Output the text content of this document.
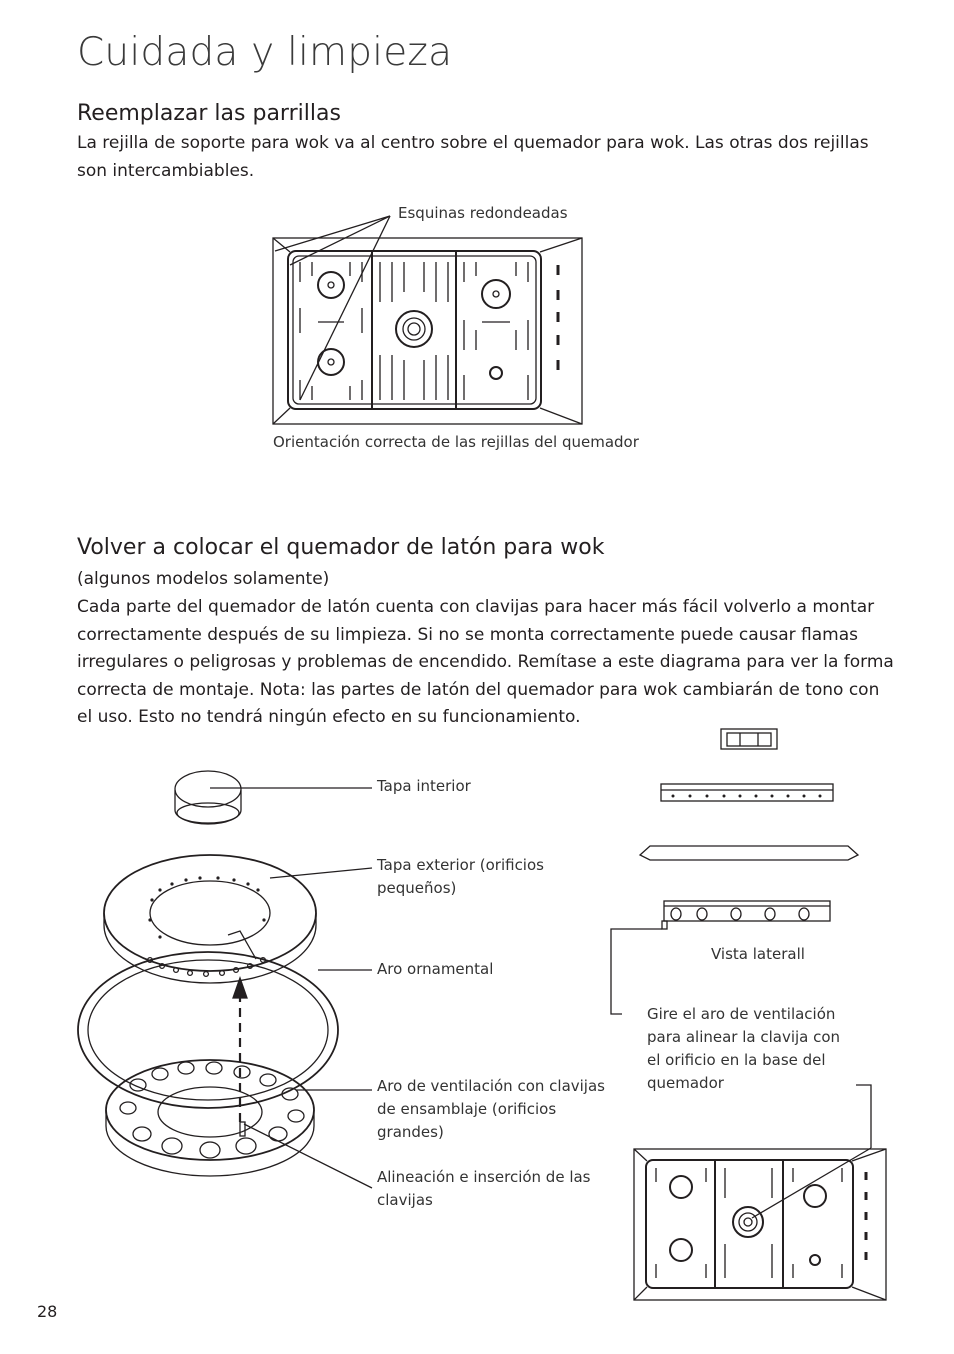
Cuidada y limpieza
Reemplazar las parrillas
La rejilla de soporte para wok va al centro sobre el quemador para wok. Las otras dos rejillas son intercambiables.
Esquinas redondeadas
Orientación correcta de las rejillas del quemador
Volver a colocar el quemador de latón para wok
(algunos modelos solamente)
Cada parte del quemador de latón cuenta con clavijas para hacer más fácil volverlo a montar correctamente después de su limpieza. Si no se monta correctamente puede causar flamas irregulares o peligrosas y problemas de encendido. Remítase a este diagrama para ver la forma correcta de montaje. Nota: las partes de latón del quemador para wok cambiarán de tono con el uso. Esto no tendrá ningún efecto en su funcionamiento.
Tapa interior
Tapa exterior (orificios pequeños)
Aro ornamental
Aro de ventilación con clavijas de ensamblaje (orificios grandes)
Alineación e inserción de las clavijas
Vista laterall
Gire el aro de ventilación para alinear la clavija con el orificio en la base del quemador
28
